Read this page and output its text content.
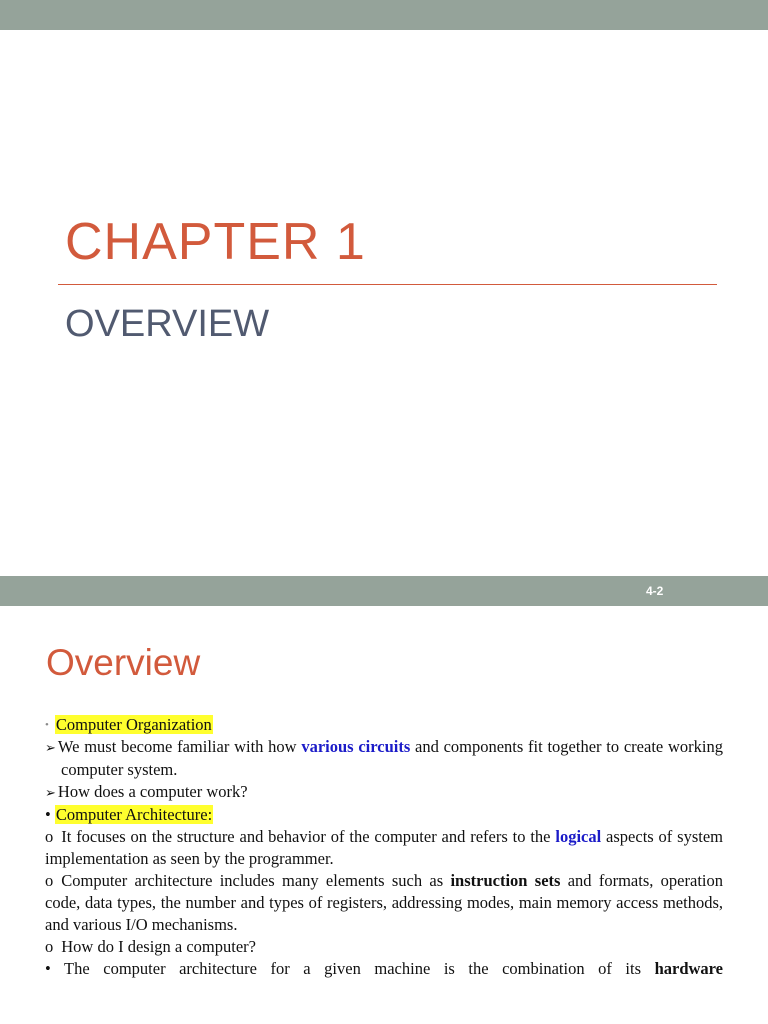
CHAPTER 1
OVERVIEW
4-2
Overview

• Computer Organization

➢ We must become familiar with how various circuits and components fit together to create working computer system.

➢ How does a computer work?

• Computer Architecture:

o It focuses on the structure and behavior of the computer and refers to the logical aspects of system implementation as seen by the programmer.

o Computer architecture includes many elements such as instruction sets and formats, operation code, data types, the number and types of registers, addressing modes, main memory access methods, and various I/O mechanisms.

o How do I design a computer?

• The computer architecture for a given machine is the combination of its hardware
